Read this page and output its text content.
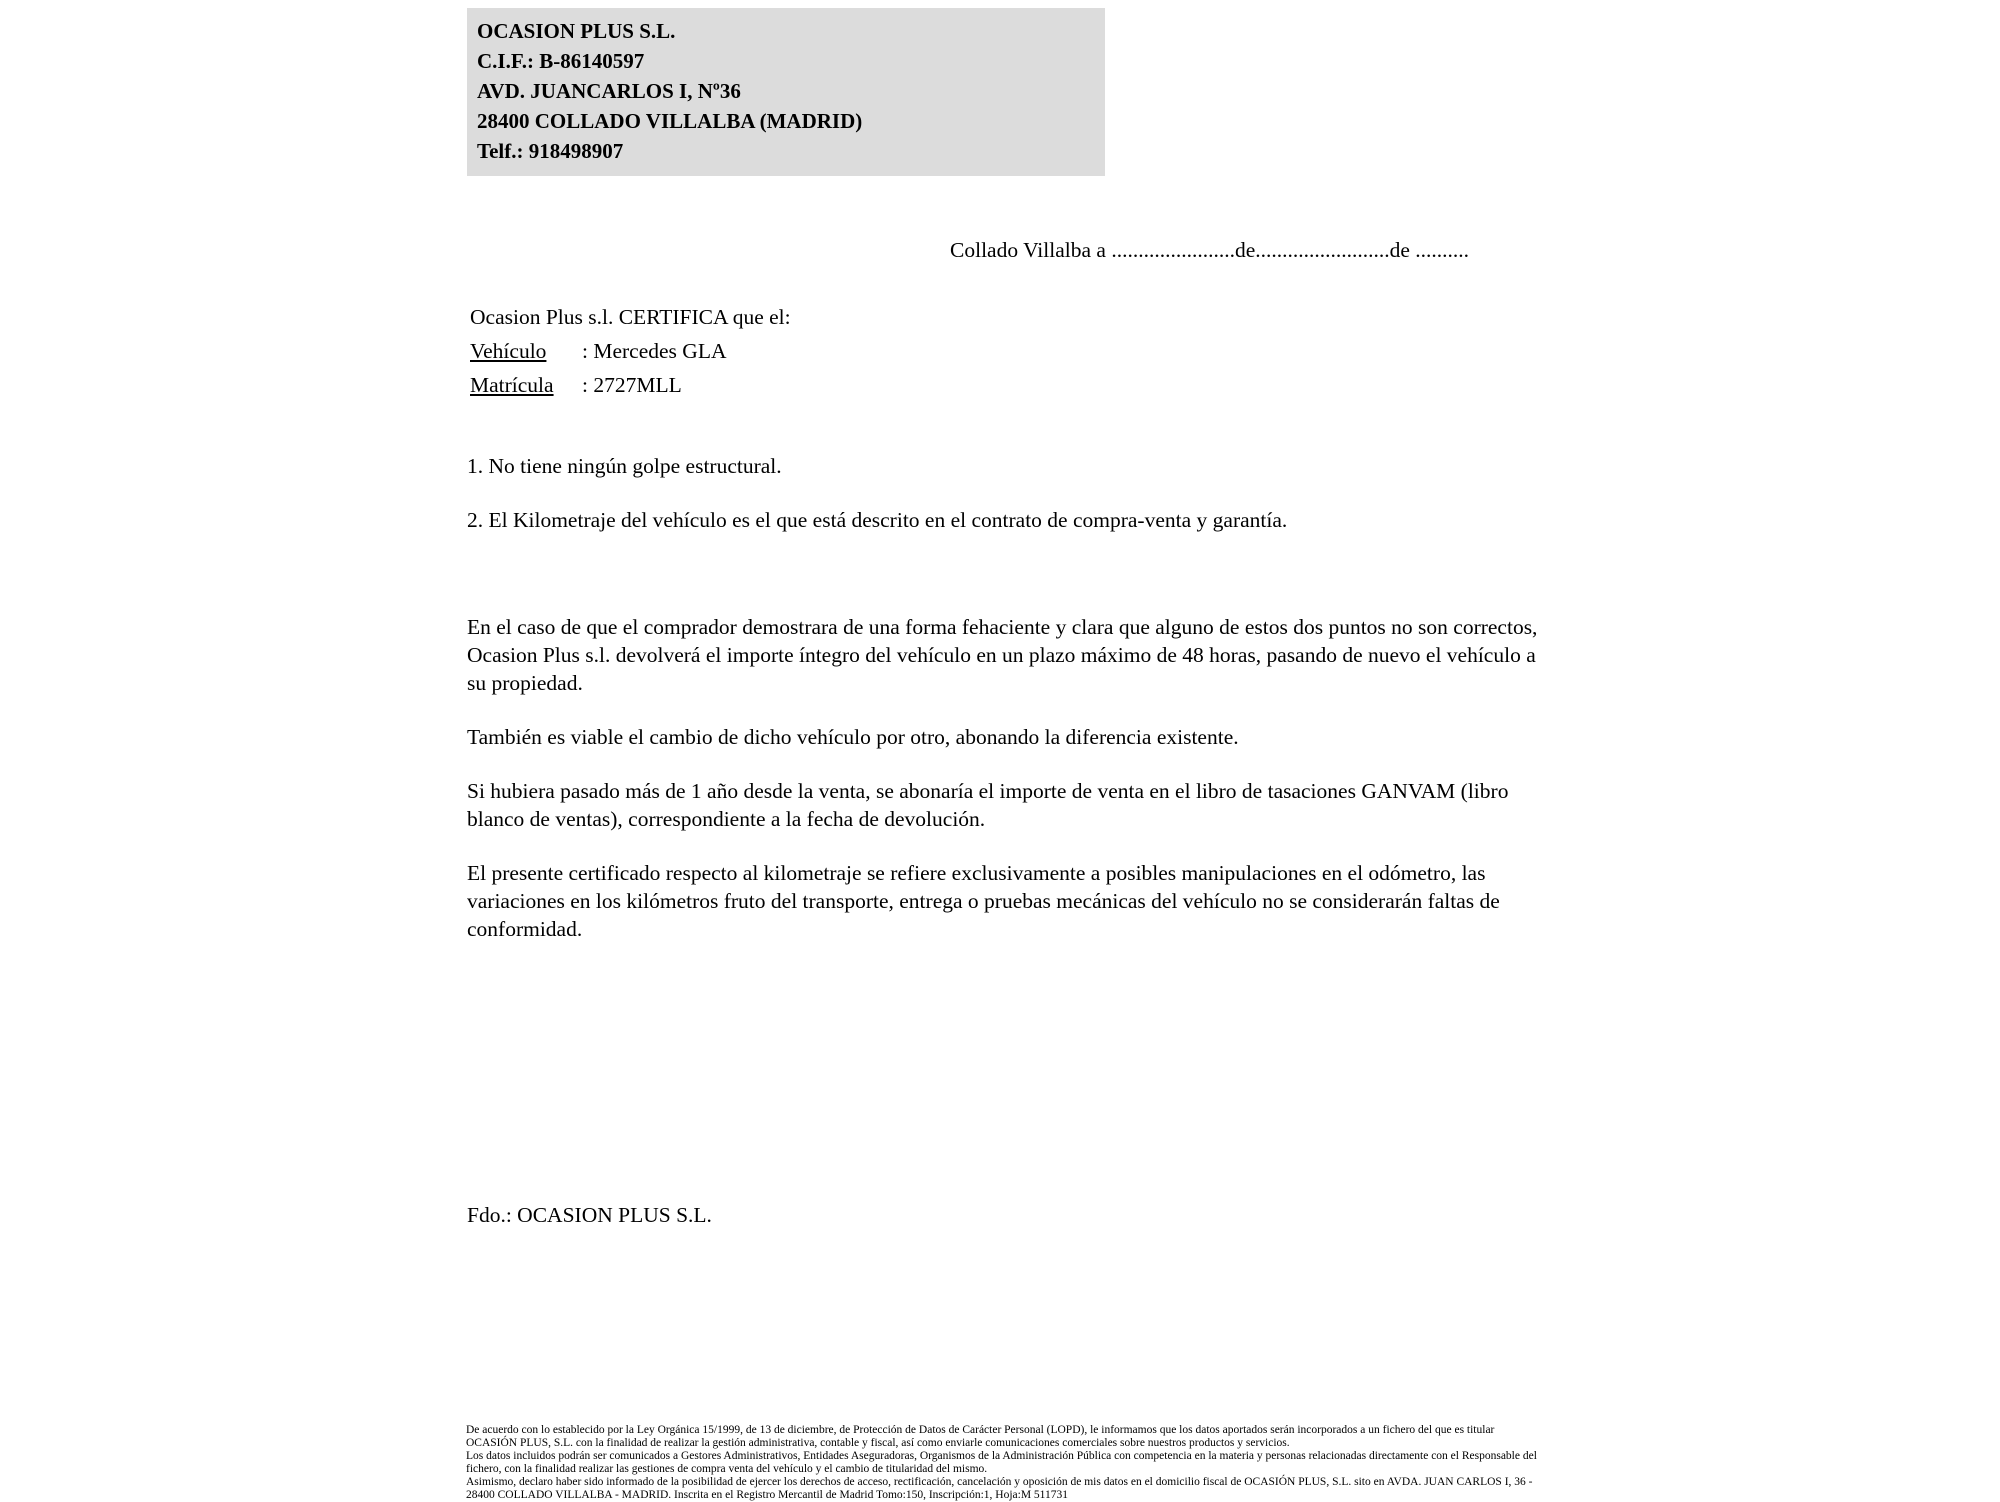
OCASION PLUS S.L.
C.I.F.: B-86140597
AVD. JUANCARLOS I, Nº36
28400 COLLADO VILLALBA (MADRID)
Telf.: 918498907
Collado Villalba a .......................de.........................de ..........
Ocasion Plus s.l. CERTIFICA que el:
Vehículo : Mercedes GLA
Matrícula : 2727MLL
1. No tiene ningún golpe estructural.
2. El Kilometraje del vehículo es el que está descrito en el contrato de compra-venta y garantía.

En el caso de que el comprador demostrara de una forma fehaciente y clara que alguno de estos dos puntos no son correctos, Ocasion Plus s.l. devolverá el importe íntegro del vehículo en un plazo máximo de 48 horas, pasando de nuevo el vehículo a su propiedad.

También es viable el cambio de dicho vehículo por otro, abonando la diferencia existente.

Si hubiera pasado más de 1 año desde la venta, se abonaría el importe de venta en el libro de tasaciones GANVAM (libro blanco de ventas), correspondiente a la fecha de devolución.

El presente certificado respecto al kilometraje se refiere exclusivamente a posibles manipulaciones en el odómetro, las variaciones en los kilómetros fruto del transporte, entrega o pruebas mecánicas del vehículo no se considerarán faltas de conformidad.

Fdo.: OCASION PLUS S.L.
De acuerdo con lo establecido por la Ley Orgánica 15/1999, de 13 de diciembre, de Protección de Datos de Carácter Personal (LOPD), le informamos que los datos aportados serán incorporados a un fichero del que es titular OCASIÓN PLUS, S.L. con la finalidad de realizar la gestión administrativa, contable y fiscal, así como enviarle comunicaciones comerciales sobre nuestros productos y servicios.
Los datos incluidos podrán ser comunicados a Gestores Administrativos, Entidades Aseguradoras, Organismos de la Administración Pública con competencia en la materia y personas relacionadas directamente con el Responsable del fichero, con la finalidad realizar las gestiones de compra venta del vehículo y el cambio de titularidad del mismo.
Asimismo, declaro haber sido informado de la posibilidad de ejercer los derechos de acceso, rectificación, cancelación y oposición de mis datos en el domicilio fiscal de OCASIÓN PLUS, S.L. sito en AVDA. JUAN CARLOS I, 36 - 28400 COLLADO VILLALBA - MADRID. Inscrita en el Registro Mercantil de Madrid Tomo:150, Inscripción:1, Hoja:M 511731
